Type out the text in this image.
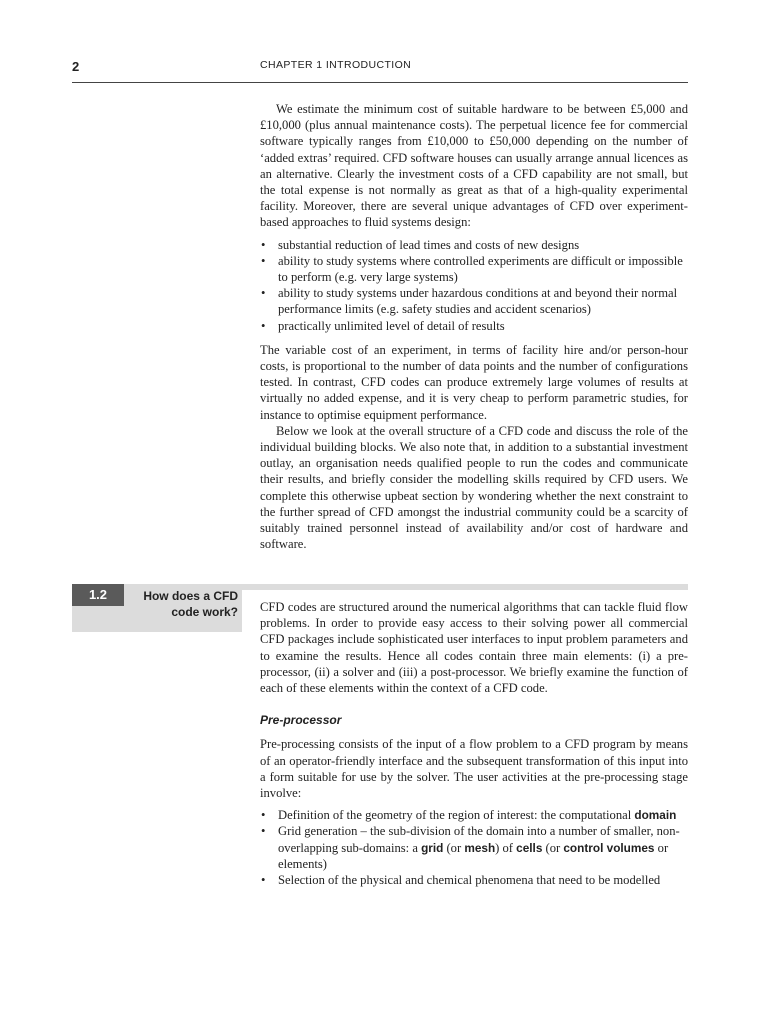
2	CHAPTER 1 INTRODUCTION

We estimate the minimum cost of suitable hardware to be between £5,000 and £10,000 (plus annual maintenance costs). The perpetual licence fee for commercial software typically ranges from £10,000 to £50,000 depending on the number of ‘added extras’ required. CFD software houses can usually arrange annual licences as an alternative. Clearly the investment costs of a CFD capability are not small, but the total expense is not normally as great as that of a high-quality experimental facility. Moreover, there are several unique advantages of CFD over experiment-based approaches to fluid systems design:

• substantial reduction of lead times and costs of new designs
• ability to study systems where controlled experiments are difficult or impossible to perform (e.g. very large systems)
• ability to study systems under hazardous conditions at and beyond their normal performance limits (e.g. safety studies and accident scenarios)
• practically unlimited level of detail of results

The variable cost of an experiment, in terms of facility hire and/or person-hour costs, is proportional to the number of data points and the number of configurations tested. In contrast, CFD codes can produce extremely large volumes of results at virtually no added expense, and it is very cheap to perform parametric studies, for instance to optimise equipment performance.

Below we look at the overall structure of a CFD code and discuss the role of the individual building blocks. We also note that, in addition to a substantial investment outlay, an organisation needs qualified people to run the codes and communicate their results, and briefly consider the modelling skills required by CFD users. We complete this otherwise upbeat section by wondering whether the next constraint to the further spread of CFD amongst the industrial community could be a scarcity of suitably trained personnel instead of availability and/or cost of hardware and software.

1.2	How does a CFD code work? CFD codes are structured around the numerical algorithms that can tackle fluid flow problems. In order to provide easy access to their solving power all commercial CFD packages include sophisticated user interfaces to input problem parameters and to examine the results. Hence all codes contain three main elements: (i) a pre-processor, (ii) a solver and (iii) a post-processor. We briefly examine the function of each of these elements within the context of a CFD code.

Pre-processor

Pre-processing consists of the input of a flow problem to a CFD program by means of an operator-friendly interface and the subsequent transformation of this input into a form suitable for use by the solver. The user activities at the pre-processing stage involve:

• Definition of the geometry of the region of interest: the computational domain
• Grid generation – the sub-division of the domain into a number of smaller, non-overlapping sub-domains: a grid (or mesh) of cells (or control volumes or elements)
• Selection of the physical and chemical phenomena that need to be modelled
